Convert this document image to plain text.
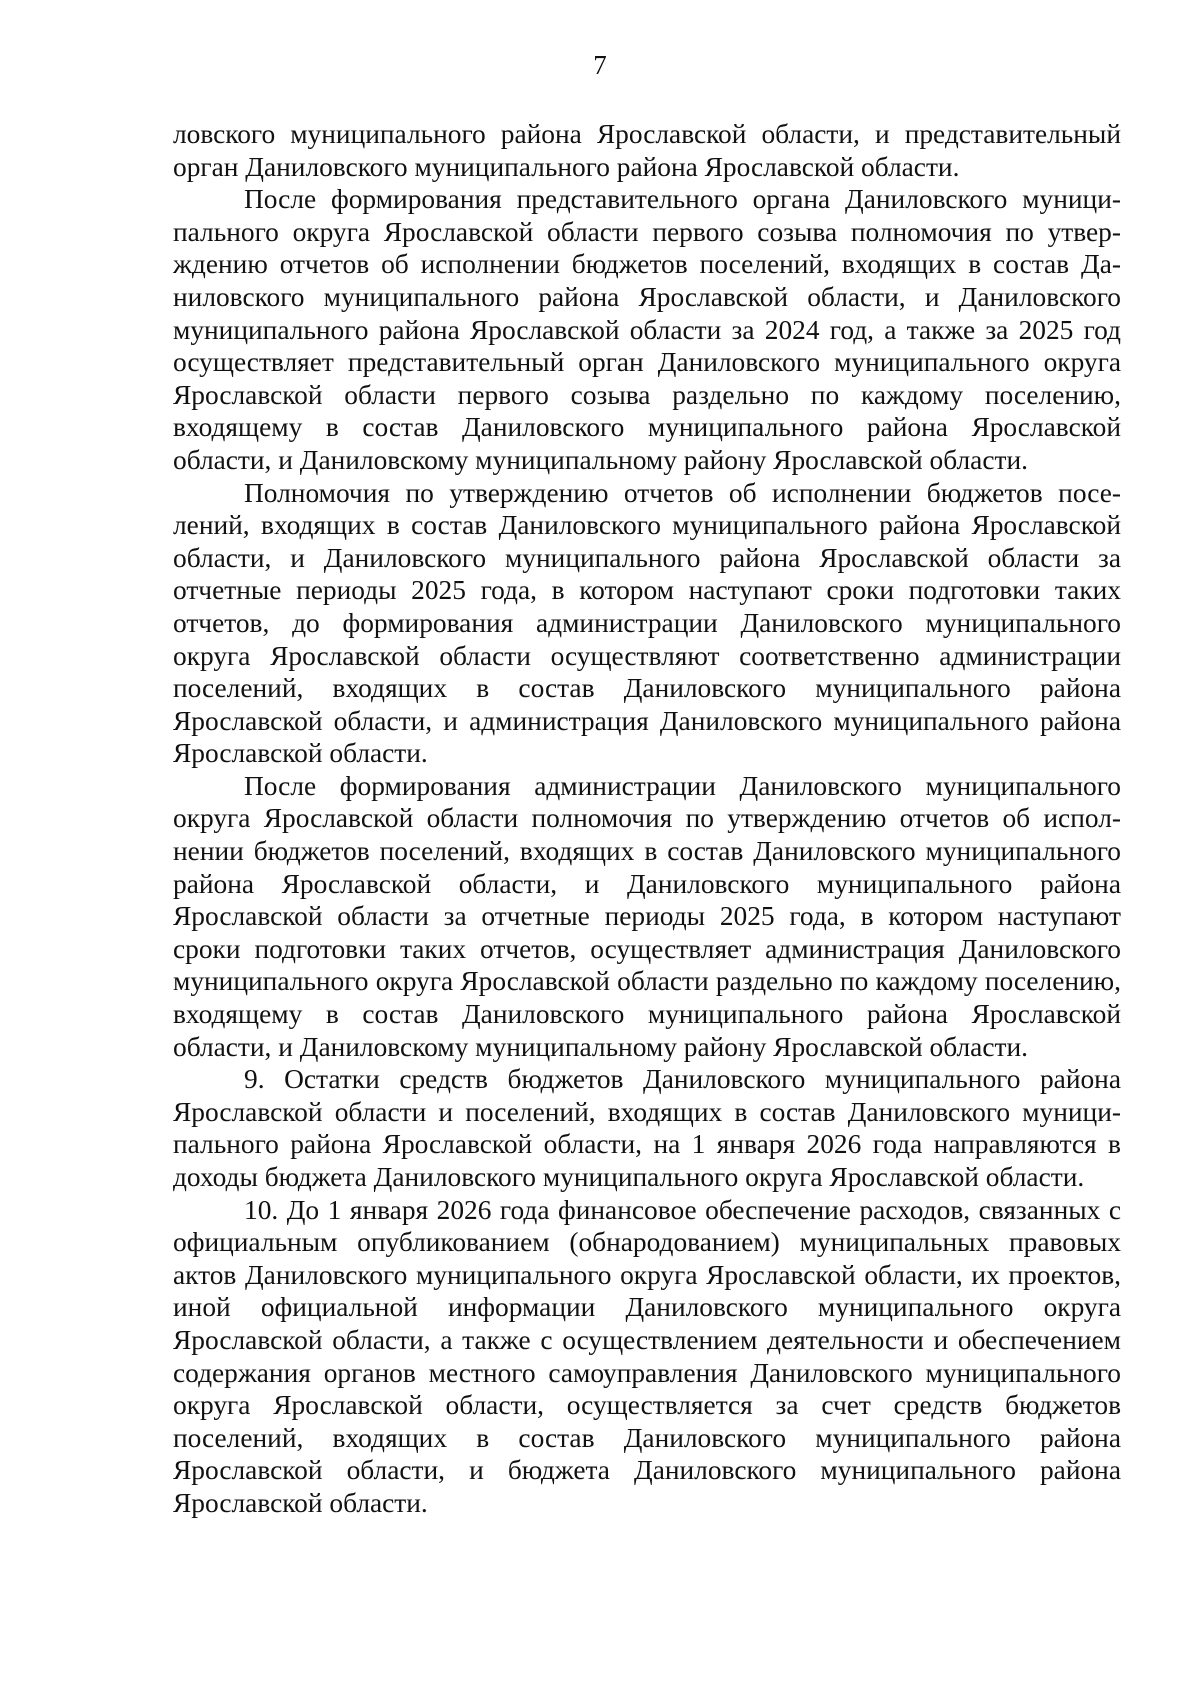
7

ловского муниципального района Ярославской области, и представительный орган Даниловского муниципального района Ярославской области.

После формирования представительного органа Даниловского муниципального округа Ярославской области первого созыва полномочия по утверждению отчетов об исполнении бюджетов поселений, входящих в состав Даниловского муниципального района Ярославской области, и Даниловского муниципального района Ярославской области за 2024 год, а также за 2025 год осуществляет представительный орган Даниловского муниципального округа Ярославской области первого созыва раздельно по каждому поселению, входящему в состав Даниловского муниципального района Ярославской области, и Даниловскому муниципальному району Ярославской области.

Полномочия по утверждению отчетов об исполнении бюджетов поселений, входящих в состав Даниловского муниципального района Ярославской области, и Даниловского муниципального района Ярославской области за отчетные периоды 2025 года, в котором наступают сроки подготовки таких отчетов, до формирования администрации Даниловского муниципального округа Ярославской области осуществляют соответственно администрации поселений, входящих в состав Даниловского муниципального района Ярославской области, и администрация Даниловского муниципального района Ярославской области.

После формирования администрации Даниловского муниципального округа Ярославской области полномочия по утверждению отчетов об исполнении бюджетов поселений, входящих в состав Даниловского муниципального района Ярославской области, и Даниловского муниципального района Ярославской области за отчетные периоды 2025 года, в котором наступают сроки подготовки таких отчетов, осуществляет администрация Даниловского муниципального округа Ярославской области раздельно по каждому поселению, входящему в состав Даниловского муниципального района Ярославской области, и Даниловскому муниципальному району Ярославской области.

9. Остатки средств бюджетов Даниловского муниципального района Ярославской области и поселений, входящих в состав Даниловского муниципального района Ярославской области, на 1 января 2026 года направляются в доходы бюджета Даниловского муниципального округа Ярославской области.

10. До 1 января 2026 года финансовое обеспечение расходов, связанных с официальным опубликованием (обнародованием) муниципальных правовых актов Даниловского муниципального округа Ярославской области, их проектов, иной официальной информации Даниловского муниципального округа Ярославской области, а также с осуществлением деятельности и обеспечением содержания органов местного самоуправления Даниловского муниципального округа Ярославской области, осуществляется за счет средств бюджетов поселений, входящих в состав Даниловского муниципального района Ярославской области, и бюджета Даниловского муниципального района Ярославской области.
